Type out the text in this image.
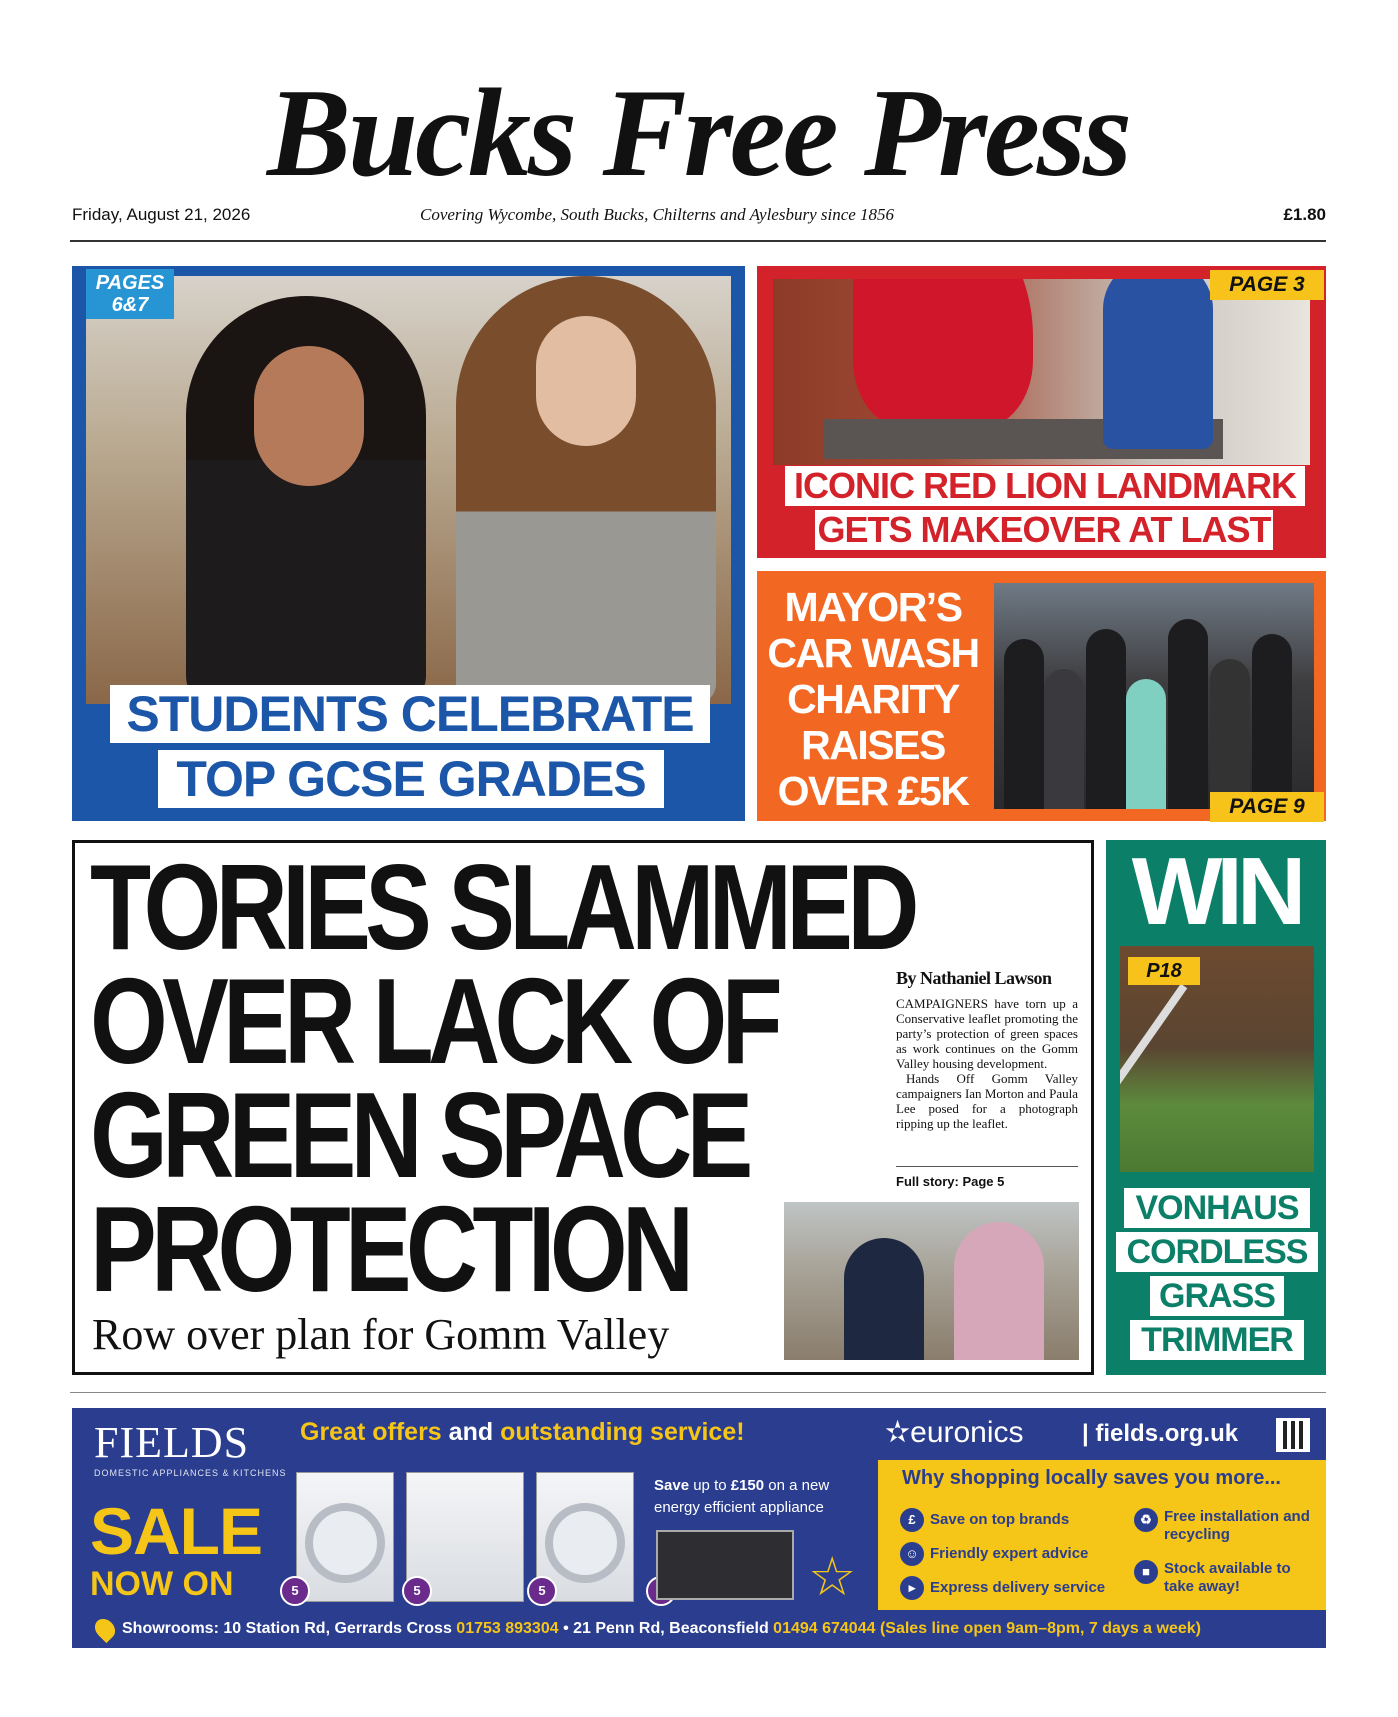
Bucks Free Press
Friday, August 21, 2026	Covering Wycombe, South Bucks, Chilterns and Aylesbury since 1856	£1.80
PAGES 6&7
STUDENTS CELEBRATE
TOP GCSE GRADES
PAGE 3
ICONIC RED LION LANDMARK
GETS MAKEOVER AT LAST
MAYOR’S
CAR WASH
CHARITY
RAISES
OVER £5K	PAGE 9
TORIES SLAMMED
OVER LACK OF
GREEN SPACE
PROTECTION
Row over plan for Gomm Valley
By Nathaniel Lawson

CAMPAIGNERS have torn up a Conservative leaflet promoting the party’s protection of green spaces as work continues on the Gomm Valley housing development.

Hands Off Gomm Valley campaigners Ian Morton and Paula Lee posed for a photograph ripping up the leaflet.

Full story: Page 5
WIN
P18
VONHAUS
CORDLESS
GRASS
TRIMMER
FIELDS
DOMESTIC APPLIANCES & KITCHENS
Great offers and outstanding service!	✫euronics | fields.org.uk
SALE
NOW ON	5	5	5
Save up to £150 on a new energy efficient appliance
☆
Why shopping locally saves you more...
£ Save on top brands
☺ Friendly expert advice
▸ Express delivery service
♻ Free installation and recycling
■ Stock available to take away!
Showrooms: 10 Station Rd, Gerrards Cross 01753 893304 • 21 Penn Rd, Beaconsfield 01494 674044 (Sales line open 9am–8pm, 7 days a week)
